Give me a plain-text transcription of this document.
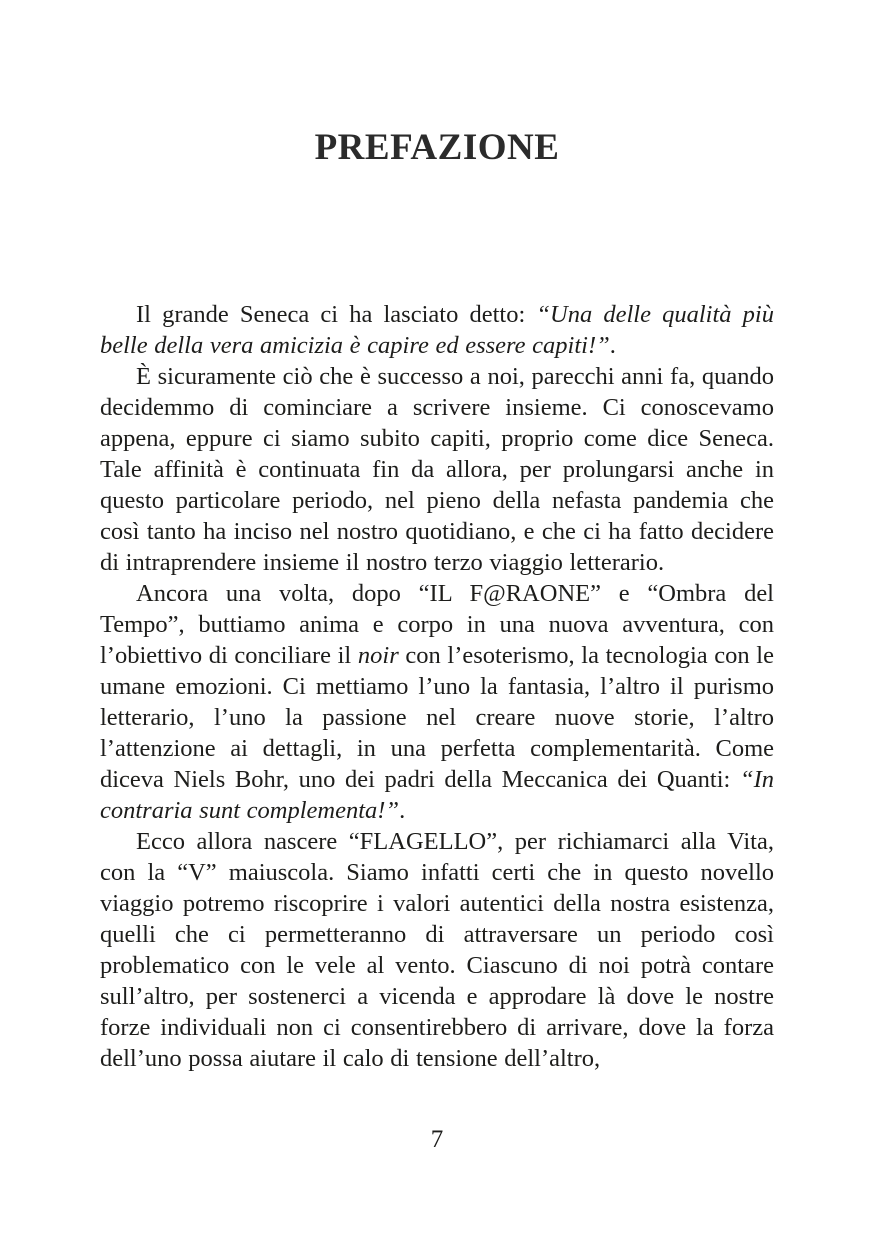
PREFAZIONE

Il grande Seneca ci ha lasciato detto: “Una delle qualità più belle della vera amicizia è capire ed essere capiti!”.

È sicuramente ciò che è successo a noi, parecchi anni fa, quando decidemmo di cominciare a scrivere insieme. Ci conoscevamo appena, eppure ci siamo subito capiti, proprio come dice Seneca. Tale affinità è continuata fin da allora, per prolungarsi anche in questo particolare periodo, nel pieno della nefasta pandemia che così tanto ha inciso nel nostro quotidiano, e che ci ha fatto decidere di intraprendere insieme il nostro terzo viaggio letterario.

Ancora una volta, dopo “IL F@RAONE” e “Ombra del Tempo”, buttiamo anima e corpo in una nuova avventura, con l’obiettivo di conciliare il noir con l’esoterismo, la tecnologia con le umane emozioni. Ci mettiamo l’uno la fantasia, l’altro il purismo letterario, l’uno la passione nel creare nuove storie, l’altro l’attenzione ai dettagli, in una perfetta complementarità. Come diceva Niels Bohr, uno dei padri della Meccanica dei Quanti: “In contraria sunt complementa!”.

Ecco allora nascere “FLAGELLO”, per richiamarci alla Vita, con la “V” maiuscola. Siamo infatti certi che in questo novello viaggio potremo riscoprire i valori autentici della nostra esistenza, quelli che ci permetteranno di attraversare un periodo così problematico con le vele al vento. Ciascuno di noi potrà contare sull’altro, per sostenerci a vicenda e approdare là dove le nostre forze individuali non ci consentirebbero di arrivare, dove la forza dell’uno possa aiutare il calo di tensione dell’altro,

7
